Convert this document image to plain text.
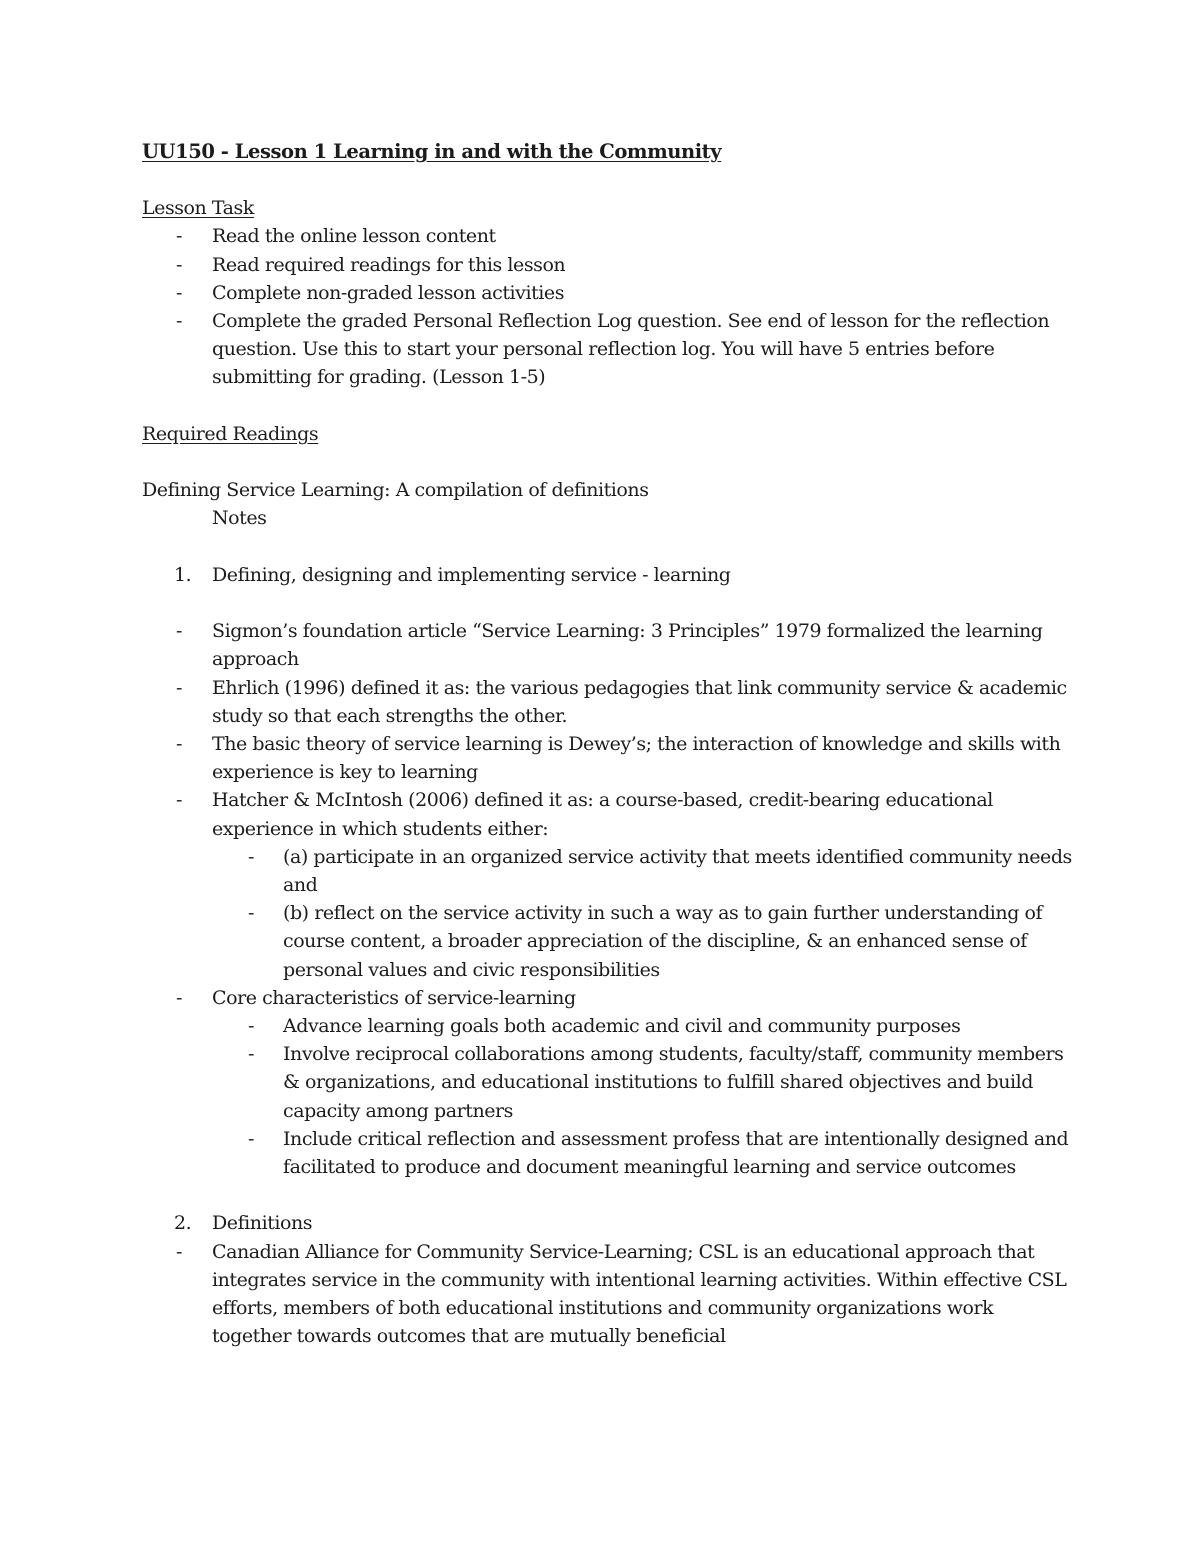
UU150 - Lesson 1 Learning in and with the Community

Lesson Task

- Read the online lesson content
- Read required readings for this lesson
- Complete non-graded lesson activities
- Complete the graded Personal Reflection Log question. See end of lesson for the reflection question. Use this to start your personal reflection log. You will have 5 entries before submitting for grading. (Lesson 1-5)

Required Readings

Defining Service Learning: A compilation of definitions

Notes

1. Defining, designing and implementing service - learning

- Sigmon’s foundation article “Service Learning: 3 Principles” 1979 formalized the learning approach
- Ehrlich (1996) defined it as: the various pedagogies that link community service & academic study so that each strengths the other.
- The basic theory of service learning is Dewey’s; the interaction of knowledge and skills with experience is key to learning
- Hatcher & McIntosh (2006) defined it as: a course-based, credit-bearing educational experience in which students either:
- (a) participate in an organized service activity that meets identified community needs and
- (b) reflect on the service activity in such a way as to gain further understanding of course content, a broader appreciation of the discipline, & an enhanced sense of personal values and civic responsibilities
- Core characteristics of service-learning
- Advance learning goals both academic and civil and community purposes
- Involve reciprocal collaborations among students, faculty/staff, community members & organizations, and educational institutions to fulfill shared objectives and build capacity among partners
- Include critical reflection and assessment profess that are intentionally designed and facilitated to produce and document meaningful learning and service outcomes

2. Definitions

- Canadian Alliance for Community Service-Learning; CSL is an educational approach that integrates service in the community with intentional learning activities. Within effective CSL efforts, members of both educational institutions and community organizations work together towards outcomes that are mutually beneficial
